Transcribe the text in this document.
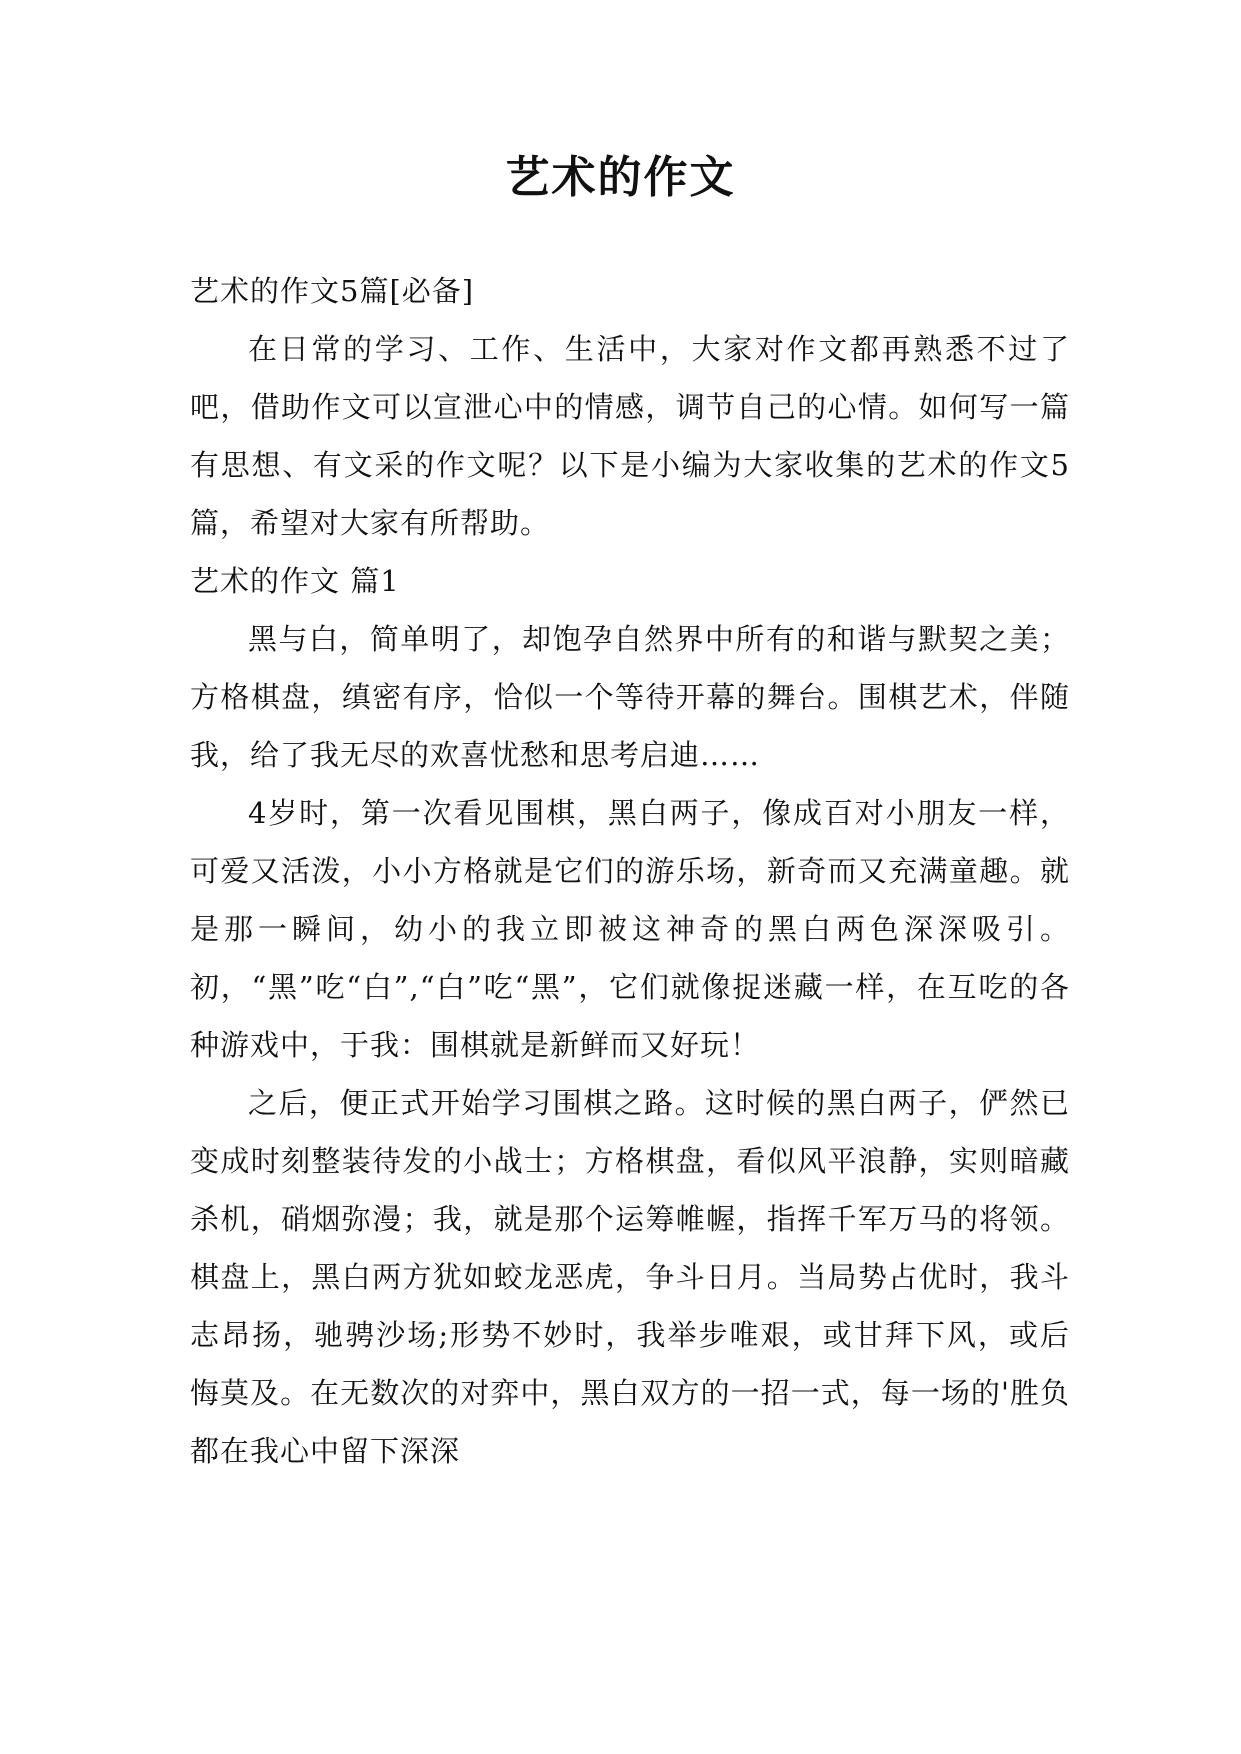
艺术的作文

艺术的作文5篇[必备]

在日常的学习、工作、生活中，大家对作文都再熟悉不过了吧，借助作文可以宣泄心中的情感，调节自己的心情。如何写一篇有思想、有文采的作文呢？以下是小编为大家收集的艺术的作文5篇，希望对大家有所帮助。

艺术的作文 篇1

黑与白，简单明了，却饱孕自然界中所有的和谐与默契之美；方格棋盘，缜密有序，恰似一个等待开幕的舞台。围棋艺术，伴随我，给了我无尽的欢喜忧愁和思考启迪……

4岁时，第一次看见围棋，黑白两子，像成百对小朋友一样，可爱又活泼，小小方格就是它们的游乐场，新奇而又充满童趣。就是那一瞬间，幼小的我立即被这神奇的黑白两色深深吸引。初，“黑”吃“白”,“白”吃“黑”，它们就像捉迷藏一样，在互吃的各种游戏中，于我：围棋就是新鲜而又好玩！

之后，便正式开始学习围棋之路。这时候的黑白两子，俨然已变成时刻整装待发的小战士；方格棋盘，看似风平浪静，实则暗藏杀机，硝烟弥漫；我，就是那个运筹帷幄，指挥千军万马的将领。棋盘上，黑白两方犹如蛟龙恶虎，争斗日月。当局势占优时，我斗志昂扬，驰骋沙场;形势不妙时，我举步唯艰，或甘拜下风，或后悔莫及。在无数次的对弈中，黑白双方的一招一式，每一场的'胜负都在我心中留下深深
